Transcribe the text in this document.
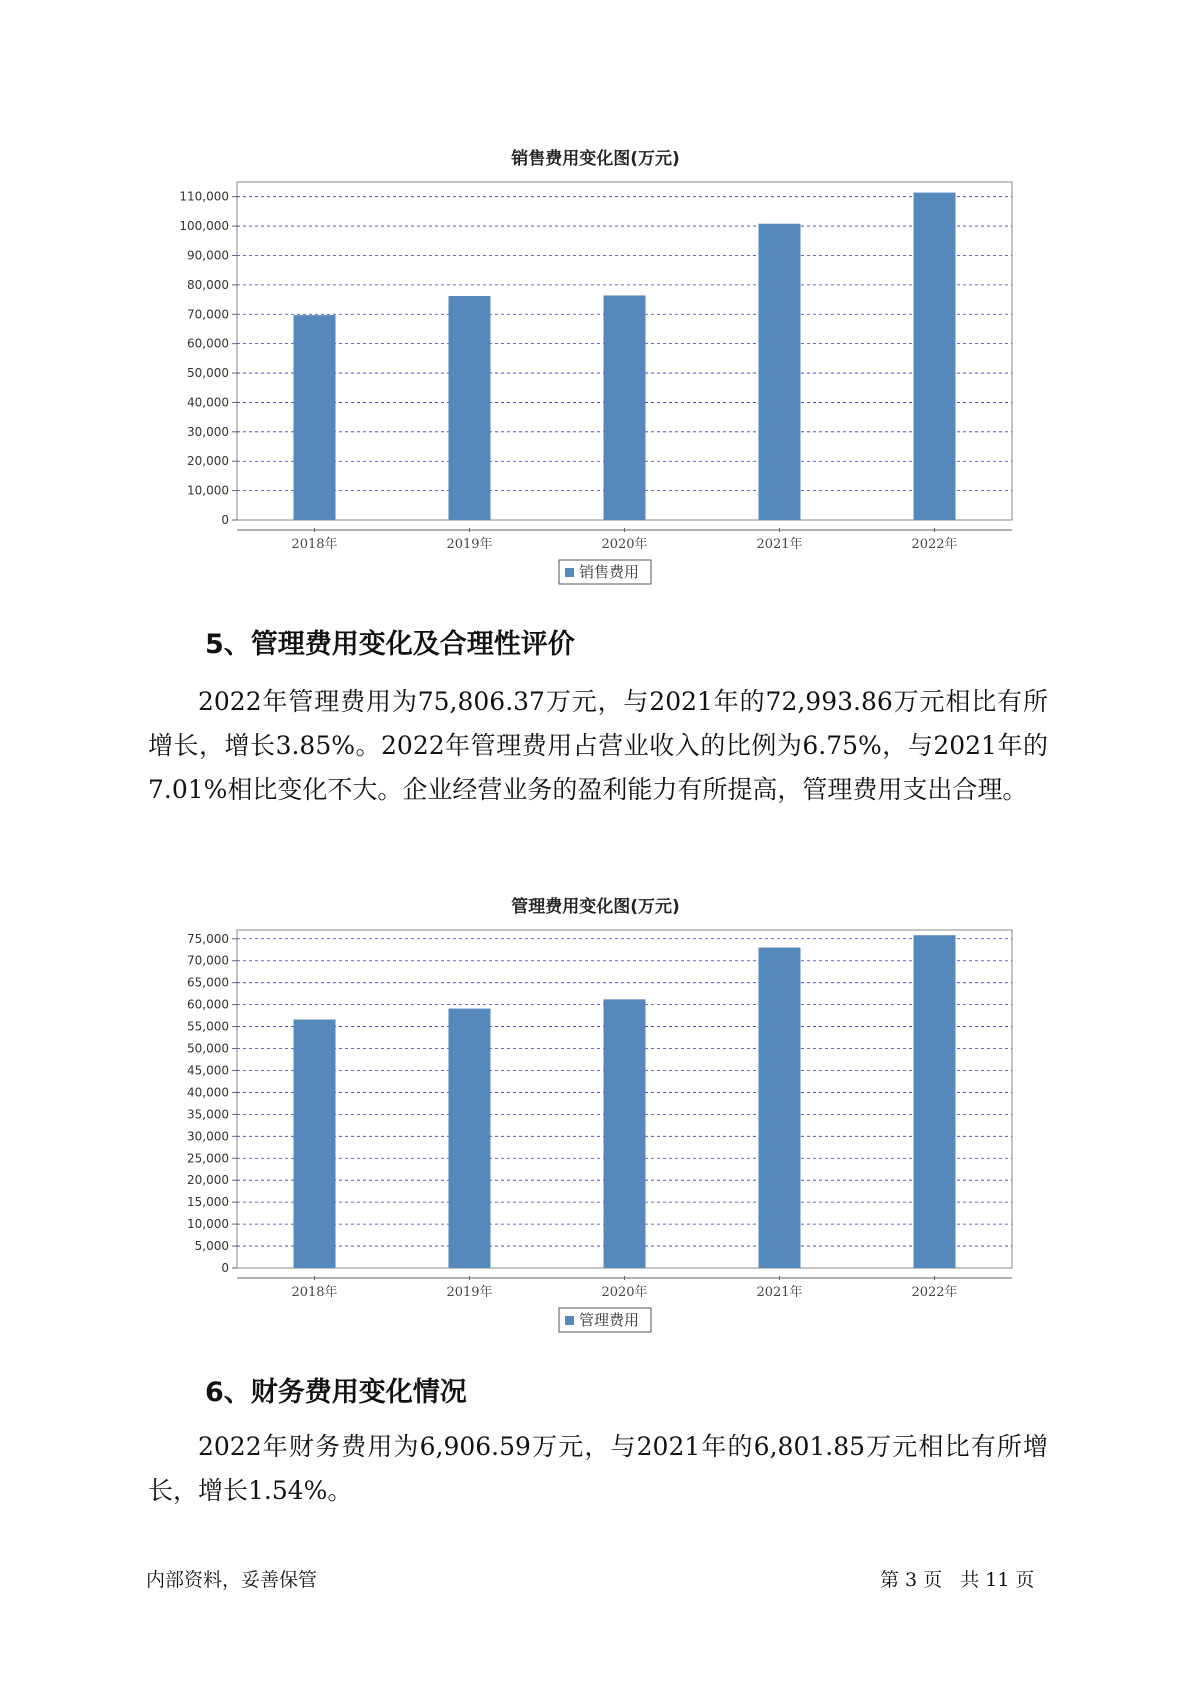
销售费用变化图(万元)
0
10,000
20,000
30,000
40,000
50,000
60,000
70,000
80,000
90,000
100,000
110,000
2018年	2019年	2020年	2021年	2022年
销售费用
5、管理费用变化及合理性评价

2022年管理费用为75,806.37万元，与2021年的72,993.86万元相比有所增长，增长3.85%。2022年管理费用占营业收入的比例为6.75%，与2021年的7.01%相比变化不大。企业经营业务的盈利能力有所提高，管理费用支出合理。

管理费用变化图(万元)
0
5,000
10,000
15,000
20,000
25,000
30,000
35,000
40,000
45,000
50,000
55,000
60,000
65,000
70,000
75,000
2018年	2019年	2020年	2021年	2022年
管理费用
6、财务费用变化情况

2022年财务费用为6,906.59万元，与2021年的6,801.85万元相比有所增长，增长1.54%。

内部资料，妥善保管	第 3 页 共 11 页
